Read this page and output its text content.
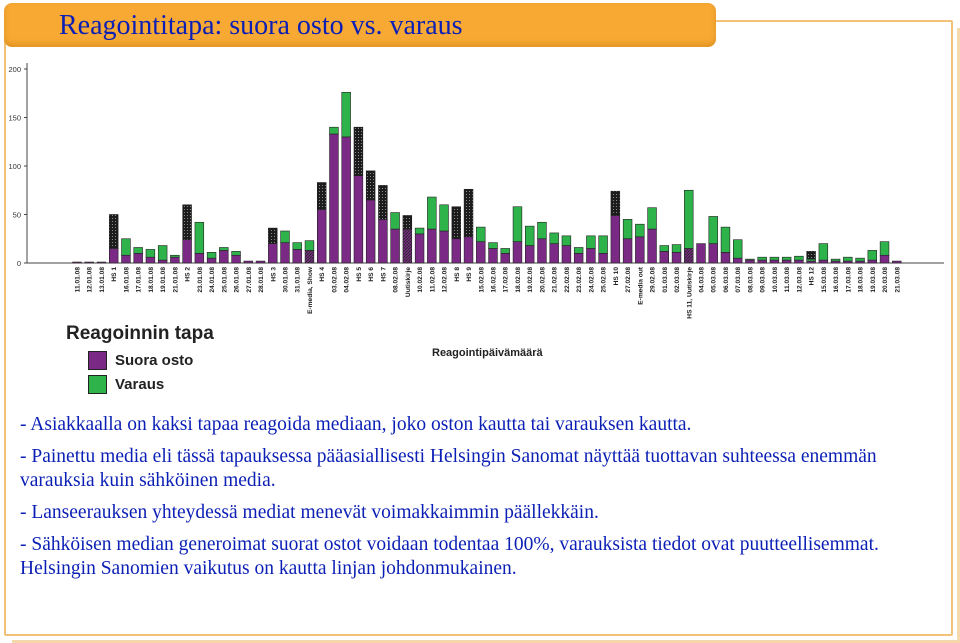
Reagointitapa: suora osto vs. varaus
0
50
100
150
200
11.01.08 12.01.08 13.01.08 HS 1 16.01.08 17.01.08 18.01.08 19.01.08 21.01.08 HS 2 23.01.08 24.01.08 25.01.08 26.01.08 27.01.08 28.01.08 HS 3 30.01.08 31.01.08 E-media, Show HS 4 03.02.08 04.02.08 HS 5 HS 6 HS 7 08.02.08 Uutiskirje 10.02.08 11.02.08 12.02.08 HS 8 HS 9 15.02.08 16.02.08 17.02.08 18.02.08 19.02.08 20.02.08 21.02.08 22.02.08 23.02.08 24.02.08 25.02.08 HS 10 27.02.08 E-media out 29.02.08 01.03.08 02.03.08 HS 11, Uutiskirje 04.03.08 05.03.08 06.03.08 07.03.08 08.03.08 09.03.08 10.03.08 11.03.08 12.03.08 HS 12 15.03.08 16.03.08 17.03.08 18.03.08 19.03.08 20.03.08 21.03.08
Reagointipäivämäärä
Reagoinnin tapa
Suora osto
Varaus

- Asiakkaalla on kaksi tapaa reagoida mediaan, joko oston kautta tai varauksen kautta.

- Painettu media eli tässä tapauksessa pääasiallisesti Helsingin Sanomat näyttää tuottavan suhteessa enemmän varauksia kuin sähköinen media.

- Lanseerauksen yhteydessä mediat menevät voimakkaimmin päällekkäin.

- Sähköisen median generoimat suorat ostot voidaan todentaa 100%, varauksista tiedot ovat puutteellisemmat. Helsingin Sanomien vaikutus on kautta linjan johdonmukainen.
